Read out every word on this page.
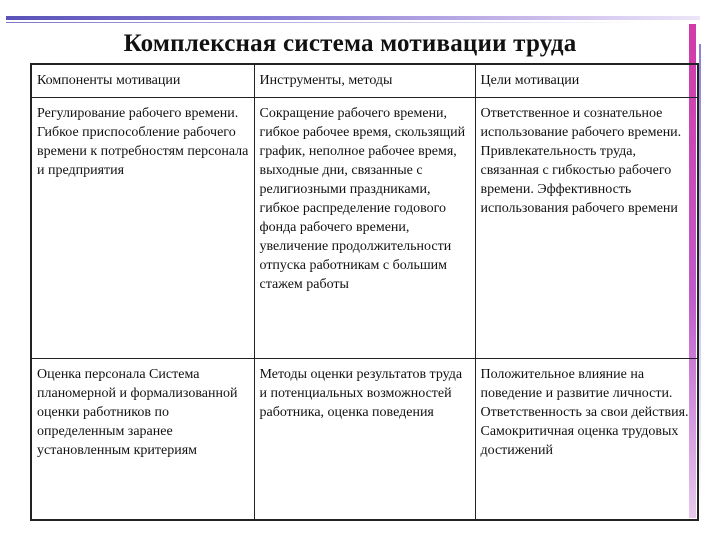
Комплексная система мотивации труда
Компоненты мотивации	Инструменты, методы	Цели мотивации
Регулирование рабочего времени. Гибкое приспособление рабочего времени к потребностям персонала и предприятия	Сокращение рабочего времени, гибкое рабочее время, скользящий график, неполное рабочее время, выходные дни, связанные с религиозными праздниками, гибкое распределение годового фонда рабочего времени, увеличение продолжительности отпуска работникам с большим стажем работы	Ответственное и сознательное использование рабочего времени. Привлекательность труда, связанная с гибкостью рабочего времени. Эффективность использования рабочего времени
Оценка персонала Система планомерной и формализованной оценки работников по определенным заранее установленным критериям	Методы оценки результатов труда и потенциальных возможностей работника, оценка поведения	Положительное влияние на поведение и развитие личности. Ответственность за свои действия. Самокритичная оценка трудовых достижений
